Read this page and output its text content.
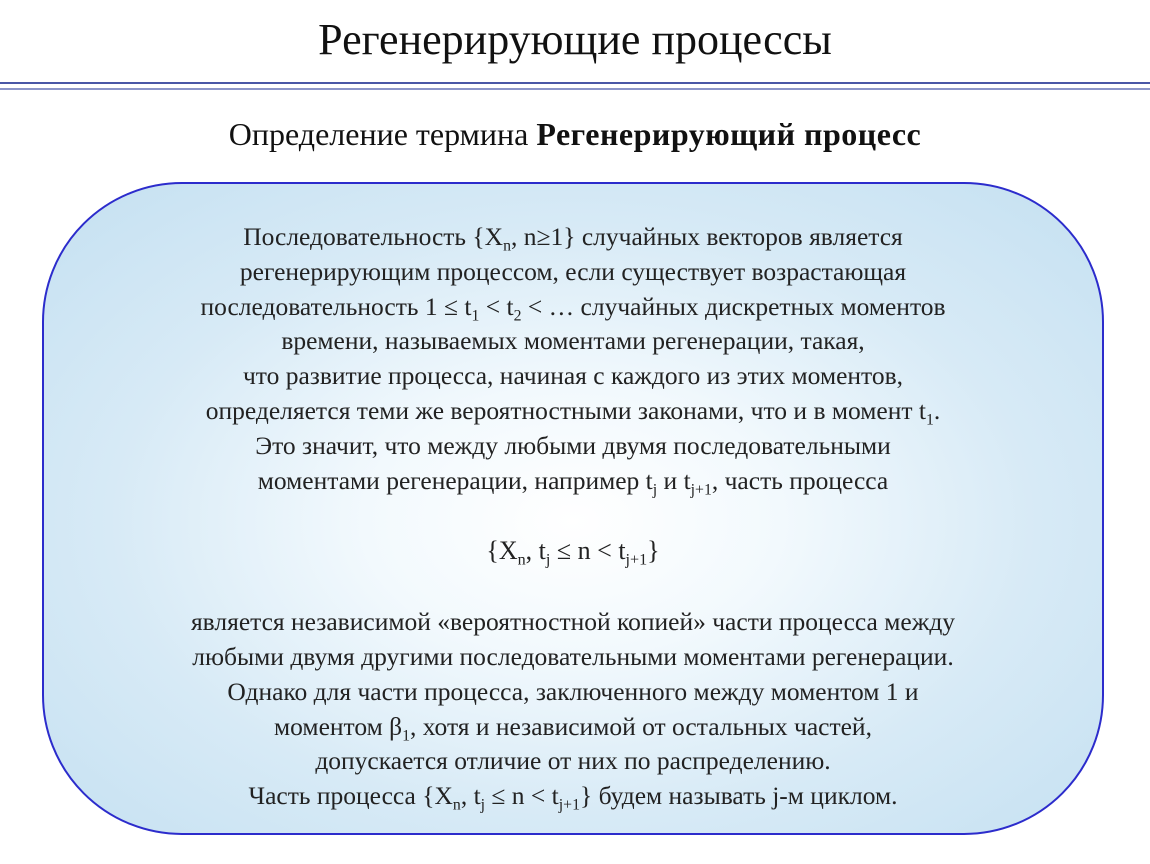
Регенерирующие процессы
Определение термина Регенерирующий процесс
Последовательность {$X_n$, n≥1} случайных векторов является
регенерирующим процессом, если существует возрастающая
последовательность $1 \le t_1 < t_2$ < … случайных дискретных моментов
времени, называемых моментами регенерации, такая,
что развитие процесса, начиная с каждого из этих моментов,
определяется теми же вероятностными законами, что и в момент $t_1$.
Это значит, что между любыми двумя последовательными
моментами регенерации, например $t_j$ и $t_{j+1}$, часть процесса
{$X_n$, $t_j \le n < t_{j+1}$}
является независимой «вероятностной копией» части процесса между
любыми двумя другими последовательными моментами регенерации.
Однако для части процесса, заключенного между моментом 1 и
моментом $\beta_1$, хотя и независимой от остальных частей,
допускается отличие от них по распределению.
Часть процесса {$X_n$, $t_j \le n < t_{j+1}$} будем называть j-м циклом.
